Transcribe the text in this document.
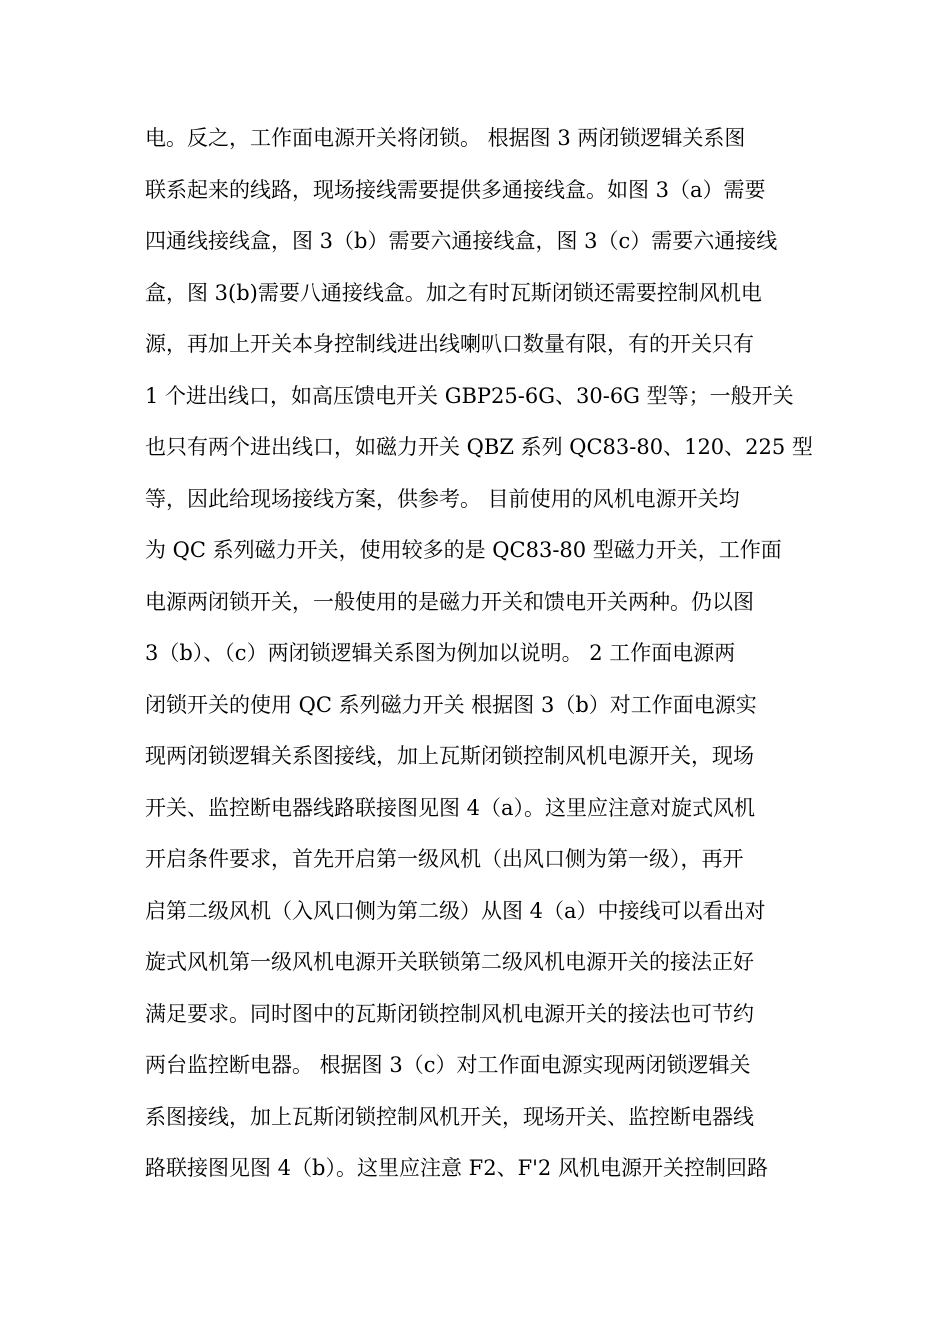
电。反之，工作面电源开关将闭锁。 根据图 3 两闭锁逻辑关系图
联系起来的线路，现场接线需要提供多通接线盒。如图 3（a）需要
四通线接线盒，图 3（b）需要六通接线盒，图 3（c）需要六通接线
盒，图 3(b)需要八通接线盒。加之有时瓦斯闭锁还需要控制风机电
源，再加上开关本身控制线进出线喇叭口数量有限，有的开关只有
1 个进出线口，如高压馈电开关 GBP25-6G、30-6G 型等；一般开关
也只有两个进出线口，如磁力开关 QBZ 系列 QC83-80、120、225 型
等，因此给现场接线方案，供参考。 目前使用的风机电源开关均
为 QC 系列磁力开关，使用较多的是 QC83-80 型磁力开关，工作面
电源两闭锁开关，一般使用的是磁力开关和馈电开关两种。仍以图
3（b）、（c）两闭锁逻辑关系图为例加以说明。 2 工作面电源两
闭锁开关的使用 QC 系列磁力开关 根据图 3（b）对工作面电源实
现两闭锁逻辑关系图接线，加上瓦斯闭锁控制风机电源开关，现场
开关、监控断电器线路联接图见图 4（a）。这里应注意对旋式风机
开启条件要求，首先开启第一级风机（出风口侧为第一级），再开
启第二级风机（入风口侧为第二级）从图 4（a）中接线可以看出对
旋式风机第一级风机电源开关联锁第二级风机电源开关的接法正好
满足要求。同时图中的瓦斯闭锁控制风机电源开关的接法也可节约
两台监控断电器。 根据图 3（c）对工作面电源实现两闭锁逻辑关
系图接线，加上瓦斯闭锁控制风机开关，现场开关、监控断电器线
路联接图见图 4（b）。这里应注意 F2、F'2 风机电源开关控制回路
